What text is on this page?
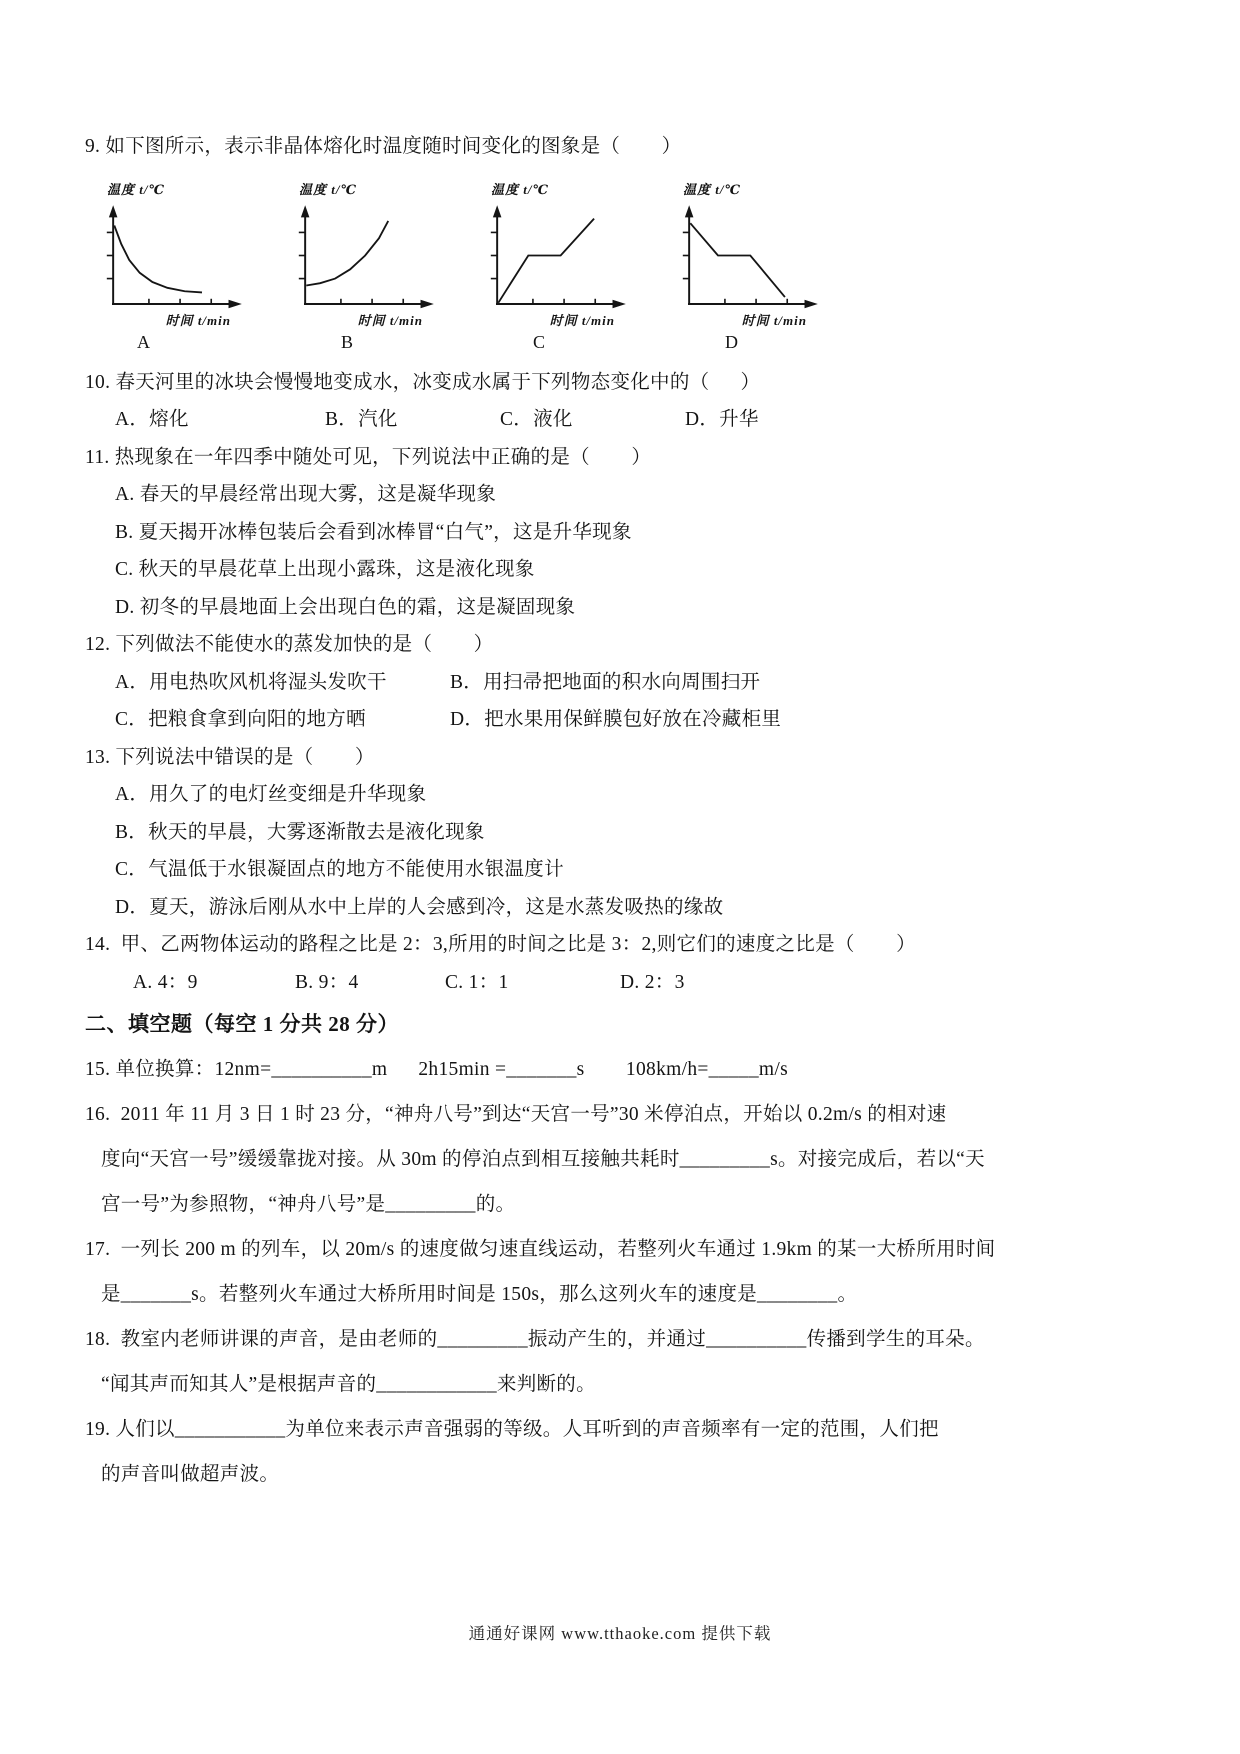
9. 如下图所示，表示非晶体熔化时温度随时间变化的图象是（        ）
温度 t/℃
时间 t/min
A
温度 t/℃
时间 t/min
B
温度 t/℃
时间 t/min
C
温度 t/℃
时间 t/min
D
10. 春天河里的冰块会慢慢地变成水，冰变成水属于下列物态变化中的（      ）
A．熔化	B．汽化	C．液化	D．升华
11. 热现象在一年四季中随处可见，下列说法中正确的是（        ）
A. 春天的早晨经常出现大雾，这是凝华现象
B. 夏天揭开冰棒包装后会看到冰棒冒“白气”，这是升华现象
C. 秋天的早晨花草上出现小露珠，这是液化现象
D. 初冬的早晨地面上会出现白色的霜，这是凝固现象
12. 下列做法不能使水的蒸发加快的是（        ）
A．用电热吹风机将湿头发吹干	B．用扫帚把地面的积水向周围扫开
C．把粮食拿到向阳的地方晒	D．把水果用保鲜膜包好放在冷藏柜里
13. 下列说法中错误的是（        ）
A．用久了的电灯丝变细是升华现象
B．秋天的早晨，大雾逐渐散去是液化现象
C．气温低于水银凝固点的地方不能使用水银温度计
D．夏天，游泳后刚从水中上岸的人会感到冷，这是水蒸发吸热的缘故
14.  甲、乙两物体运动的路程之比是 2：3,所用的时间之比是 3：2,则它们的速度之比是（        ）
A. 4：9	B. 9：4	C. 1：1	D. 2：3
二、填空题（每空 1 分共 28 分）
15. 单位换算：12nm=__________m      2h15min =_______s        108km/h=_____m/s
16.  2011 年 11 月 3 日 1 时 23 分，“神舟八号”到达“天宫一号”30 米停泊点，开始以 0.2m/s 的相对速
度向“天宫一号”缓缓靠拢对接。从 30m 的停泊点到相互接触共耗时_________s。对接完成后，若以“天
宫一号”为参照物，“神舟八号”是_________的。
17.  一列长 200 m 的列车，以 20m/s 的速度做匀速直线运动，若整列火车通过 1.9km 的某一大桥所用时间
是_______s。若整列火车通过大桥所用时间是 150s，那么这列火车的速度是________。
18.  教室内老师讲课的声音，是由老师的_________振动产生的，并通过__________传播到学生的耳朵。
“闻其声而知其人”是根据声音的____________来判断的。
19. 人们以___________为单位来表示声音强弱的等级。人耳听到的声音频率有一定的范围，人们把
的声音叫做超声波。
通通好课网 www.tthaoke.com 提供下载
